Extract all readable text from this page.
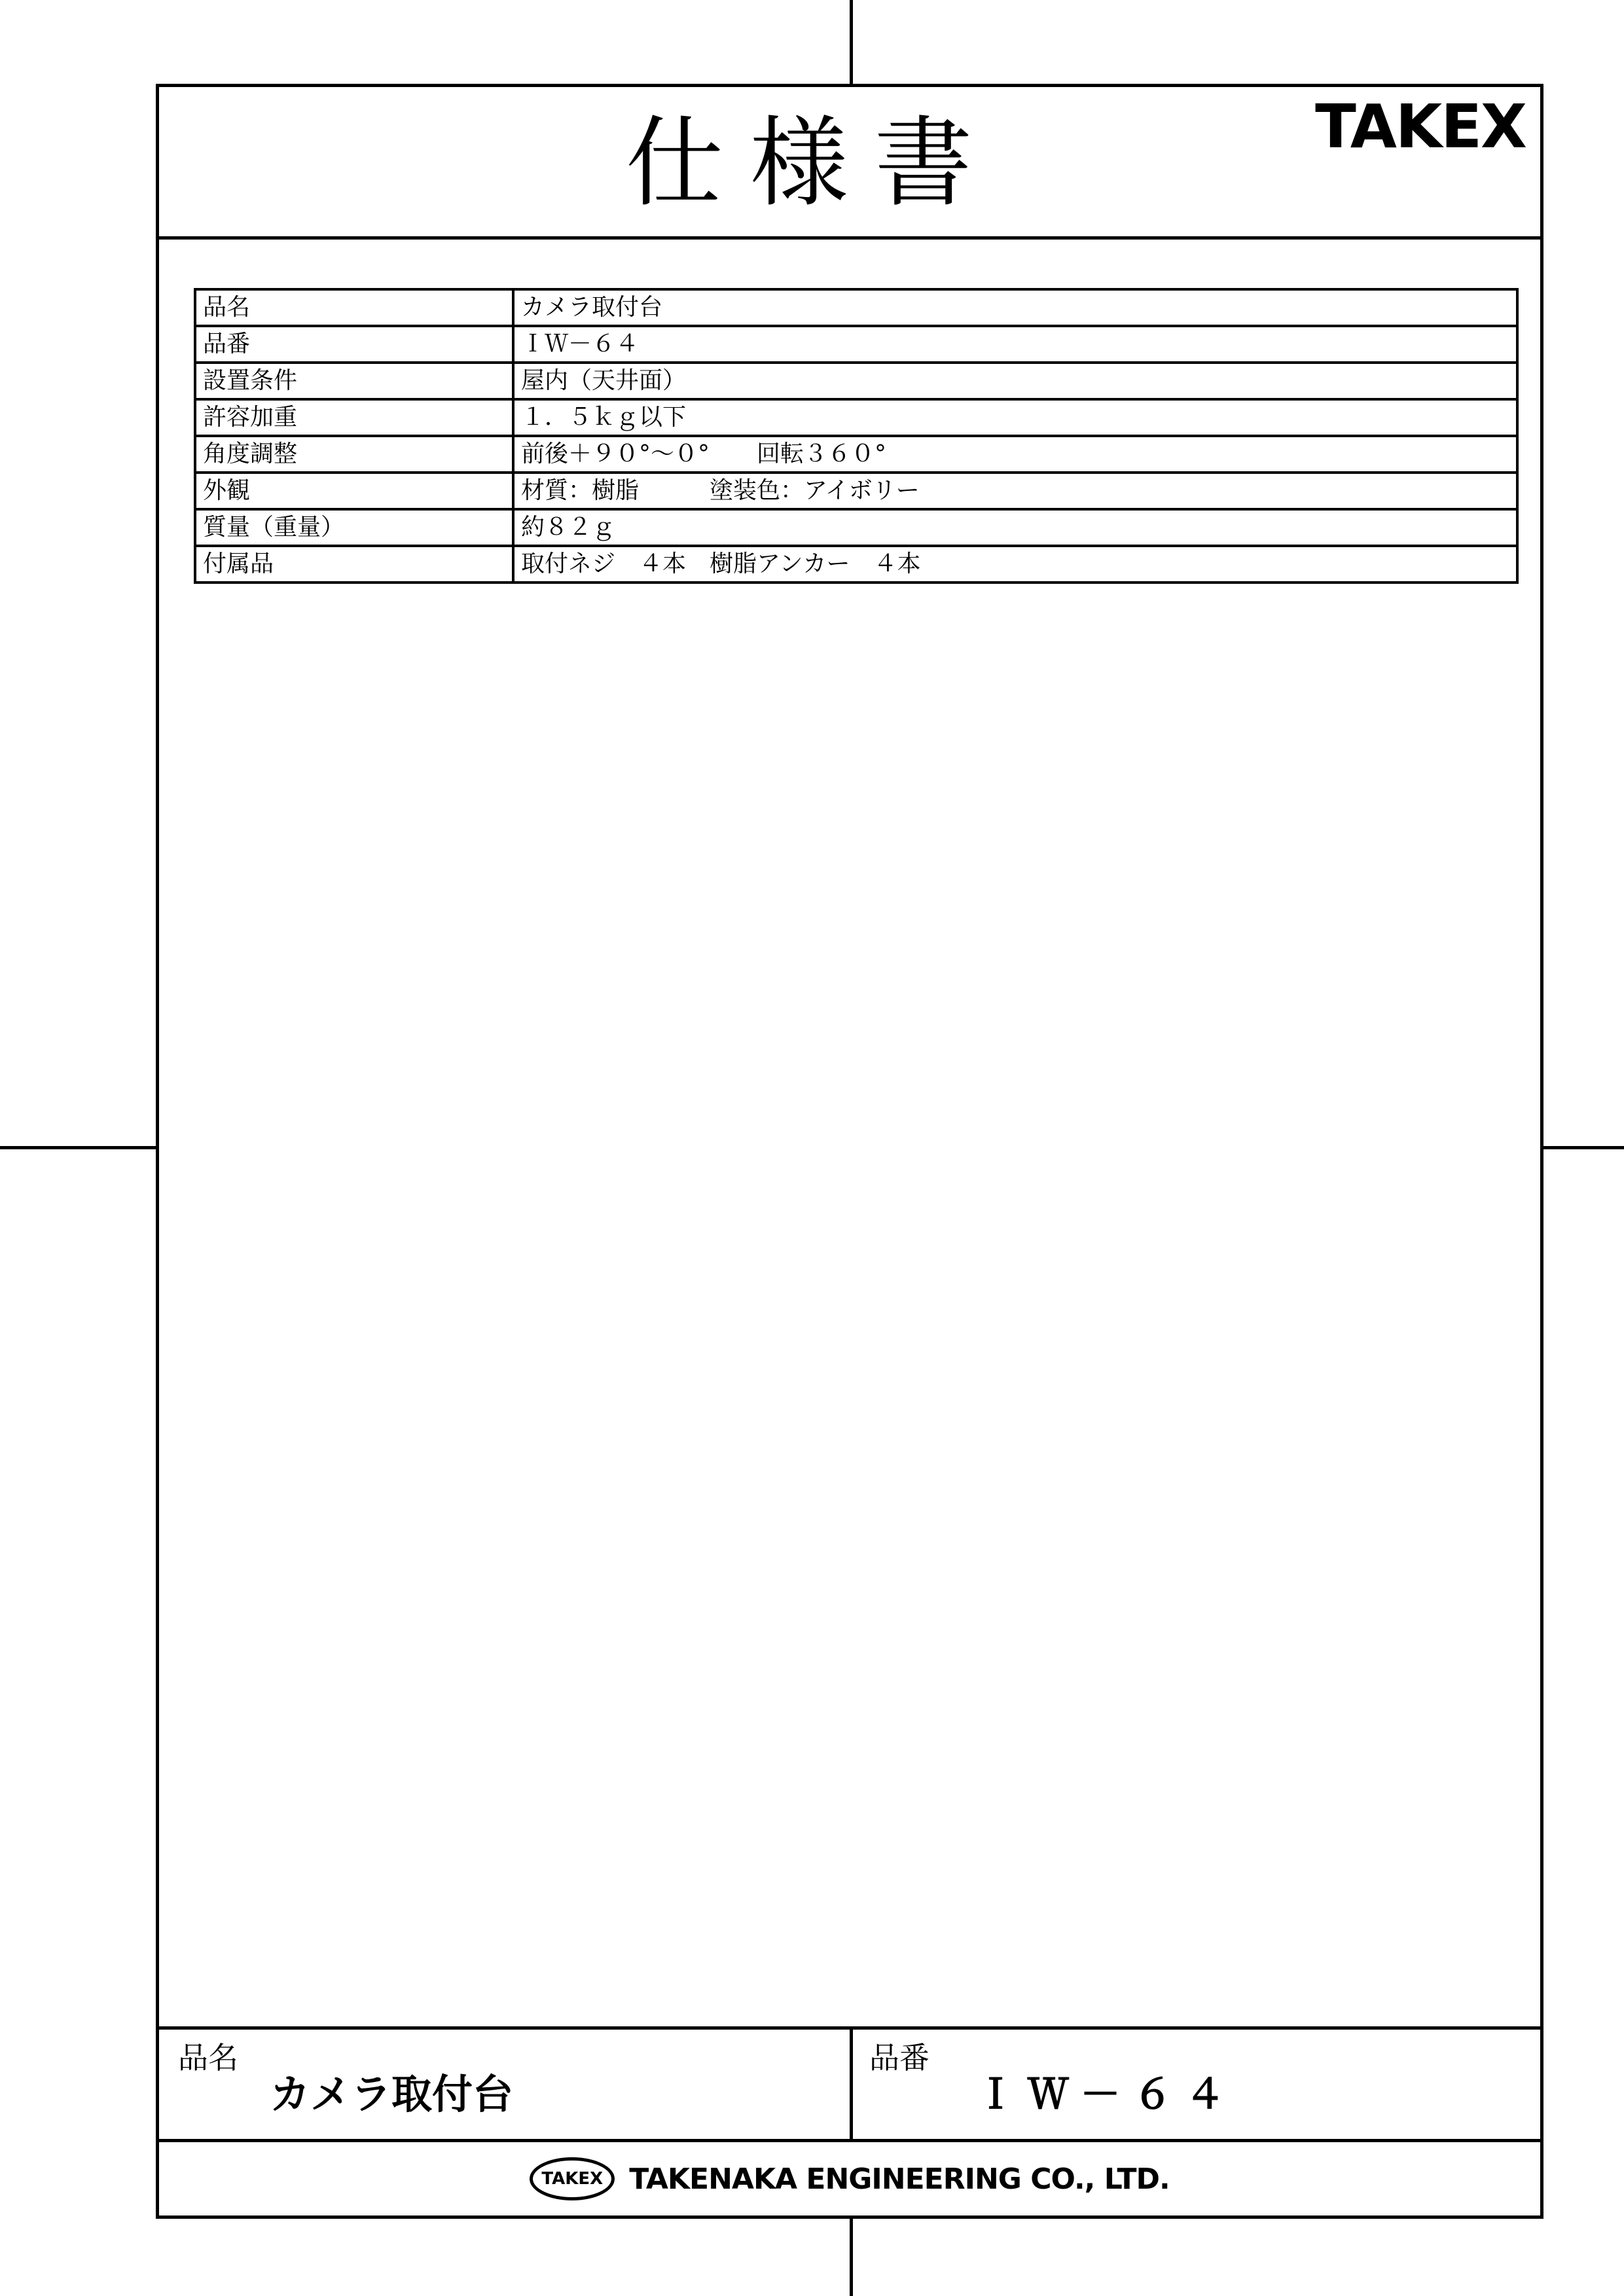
仕様書	TAKEX
品名	カメラ取付台
品番	ＩＷ－６４
設置条件	屋内（天井面）
許容加重	１．５ｋｇ以下
角度調整	前後＋９０°～０°　　回転３６０°
外観	材質：樹脂　　　塗装色：アイボリー
質量（重量）	約８２ｇ
付属品	取付ネジ　４本　樹脂アンカー　４本
品名
カメラ取付台
品番
ＩＷ－６４
TAKEX TAKENAKA ENGINEERING CO., LTD.
